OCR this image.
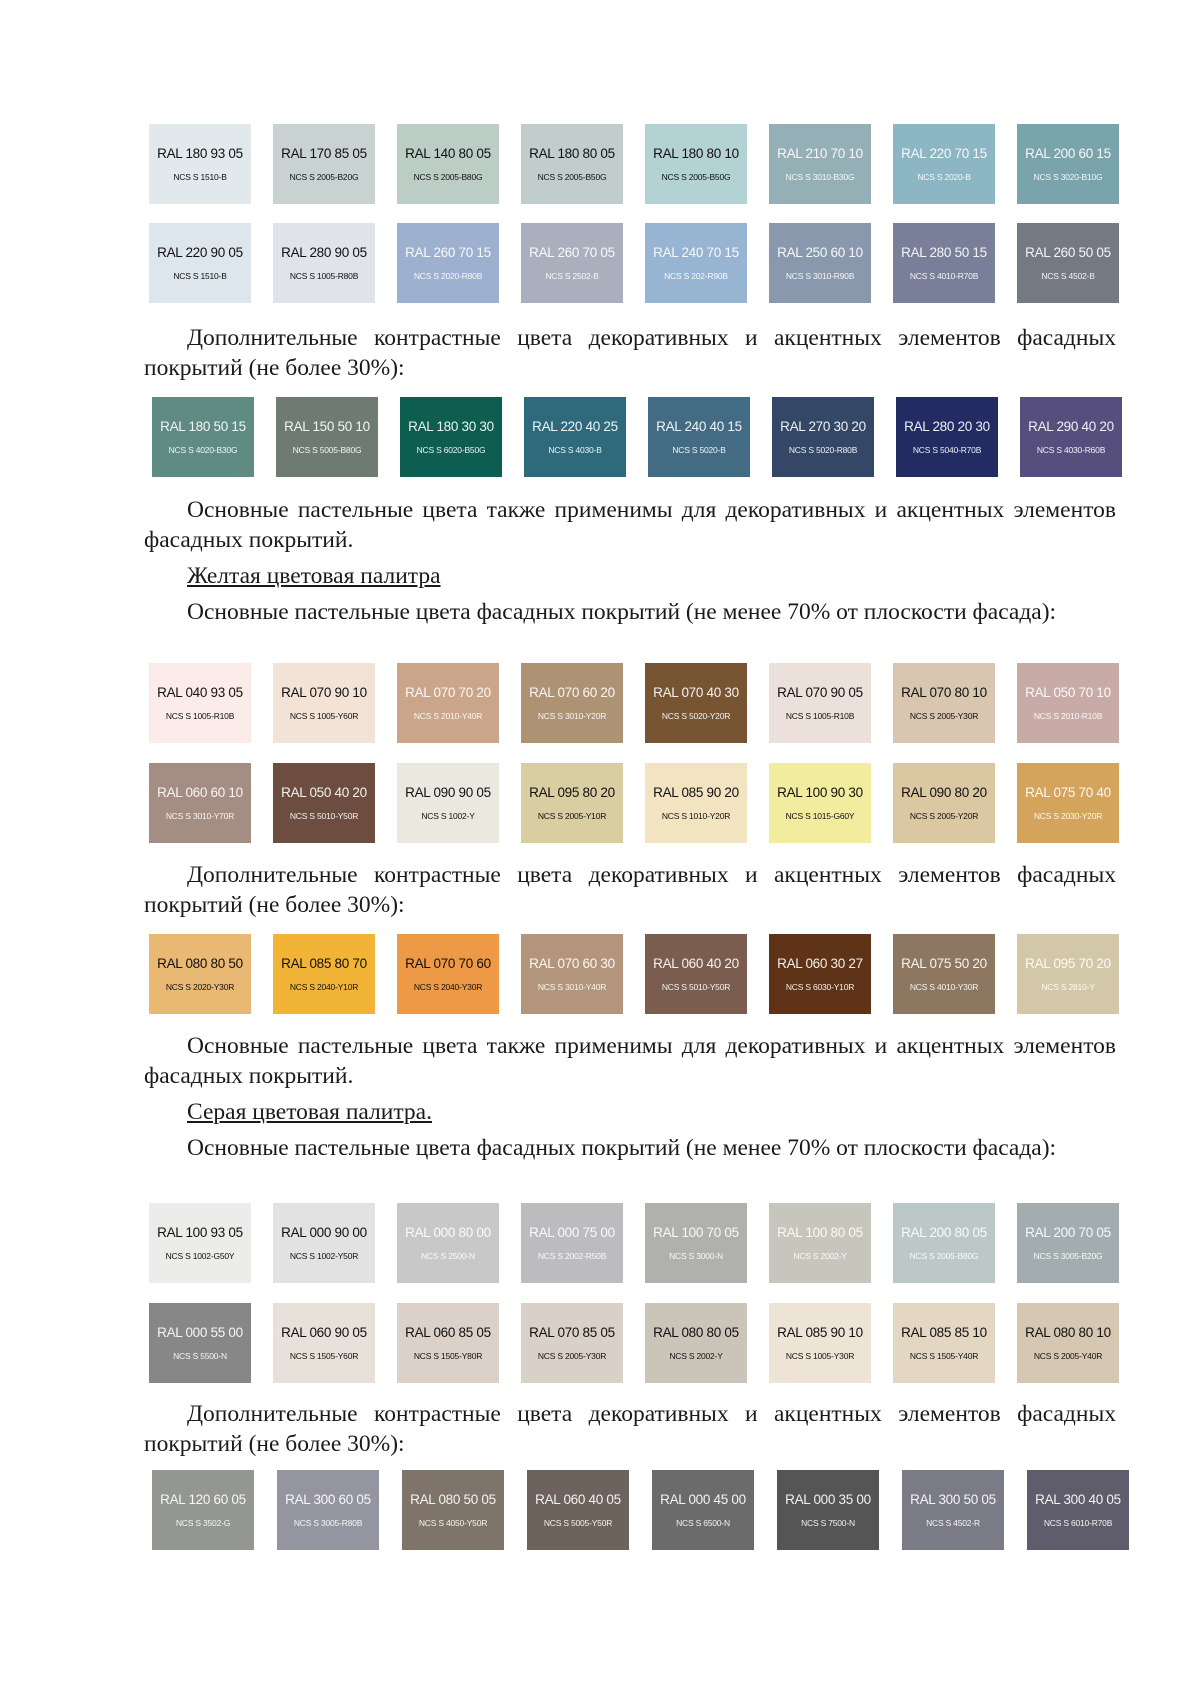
RAL 180 93 05
NCS S 1510-B
RAL 170 85 05
NCS S 2005-B20G
RAL 140 80 05
NCS S 2005-B80G
RAL 180 80 05
NCS S 2005-B50G
RAL 180 80 10
NCS S 2005-B50G
RAL 210 70 10
NCS S 3010-B30G
RAL 220 70 15
NCS S 2020-B
RAL 200 60 15
NCS S 3020-B10G
RAL 220 90 05
NCS S 1510-B
RAL 280 90 05
NCS S 1005-R80B
RAL 260 70 15
NCS S 2020-R80B
RAL 260 70 05
NCS S 2502-B
RAL 240 70 15
NCS S 202-R90B
RAL 250 60 10
NCS S 3010-R90B
RAL 280 50 15
NCS S 4010-R70B
RAL 260 50 05
NCS S 4502-B

Дополнительные контрастные цвета декоративных и акцентных элементов фасадных покрытий (не более 30%):

RAL 180 50 15
NCS S 4020-B30G
RAL 150 50 10
NCS S 5005-B80G
RAL 180 30 30
NCS S 6020-B50G
RAL 220 40 25
NCS S 4030-B
RAL 240 40 15
NCS S 5020-B
RAL 270 30 20
NCS S 5020-R80B
RAL 280 20 30
NCS S 5040-R70B
RAL 290 40 20
NCS S 4030-R60B

Основные пастельные цвета также применимы для декоративных и акцентных элементов фасадных покрытий.

Желтая цветовая палитра

Основные пастельные цвета фасадных покрытий (не менее 70% от плоскости фасада):

RAL 040 93 05
NCS S 1005-R10B
RAL 070 90 10
NCS S 1005-Y60R
RAL 070 70 20
NCS S 2010-Y40R
RAL 070 60 20
NCS S 3010-Y20R
RAL 070 40 30
NCS S 5020-Y20R
RAL 070 90 05
NCS S 1005-R10B
RAL 070 80 10
NCS S 2005-Y30R
RAL 050 70 10
NCS S 2010-R10B
RAL 060 60 10
NCS S 3010-Y70R
RAL 050 40 20
NCS S 5010-Y50R
RAL 090 90 05
NCS S 1002-Y
RAL 095 80 20
NCS S 2005-Y10R
RAL 085 90 20
NCS S 1010-Y20R
RAL 100 90 30
NCS S 1015-G60Y
RAL 090 80 20
NCS S 2005-Y20R
RAL 075 70 40
NCS S 2030-Y20R

Дополнительные контрастные цвета декоративных и акцентных элементов фасадных покрытий (не более 30%):

RAL 080 80 50
NCS S 2020-Y30R
RAL 085 80 70
NCS S 2040-Y10R
RAL 070 70 60
NCS S 2040-Y30R
RAL 070 60 30
NCS S 3010-Y40R
RAL 060 40 20
NCS S 5010-Y50R
RAL 060 30 27
NCS S 6030-Y10R
RAL 075 50 20
NCS S 4010-Y30R
RAL 095 70 20
NCS S 2810-Y

Основные пастельные цвета также применимы для декоративных и акцентных элементов фасадных покрытий.

Серая цветовая палитра.

Основные пастельные цвета фасадных покрытий (не менее 70% от плоскости фасада):

RAL 100 93 05
NCS S 1002-G50Y
RAL 000 90 00
NCS S 1002-Y50R
RAL 000 80 00
NCS S 2500-N
RAL 000 75 00
NCS S 2002-R50B
RAL 100 70 05
NCS S 3000-N
RAL 100 80 05
NCS S 2002-Y
RAL 200 80 05
NCS S 2005-B80G
RAL 200 70 05
NCS S 3005-B20G
RAL 000 55 00
NCS S 5500-N
RAL 060 90 05
NCS S 1505-Y60R
RAL 060 85 05
NCS S 1505-Y80R
RAL 070 85 05
NCS S 2005-Y30R
RAL 080 80 05
NCS S 2002-Y
RAL 085 90 10
NCS S 1005-Y30R
RAL 085 85 10
NCS S 1505-Y40R
RAL 080 80 10
NCS S 2005-Y40R

Дополнительные контрастные цвета декоративных и акцентных элементов фасадных покрытий (не более 30%):

RAL 120 60 05
NCS S 3502-G
RAL 300 60 05
NCS S 3005-R80B
RAL 080 50 05
NCS S 4050-Y50R
RAL 060 40 05
NCS S 5005-Y50R
RAL 000 45 00
NCS S 6500-N
RAL 000 35 00
NCS S 7500-N
RAL 300 50 05
NCS S 4502-R
RAL 300 40 05
NCS S 6010-R70B
